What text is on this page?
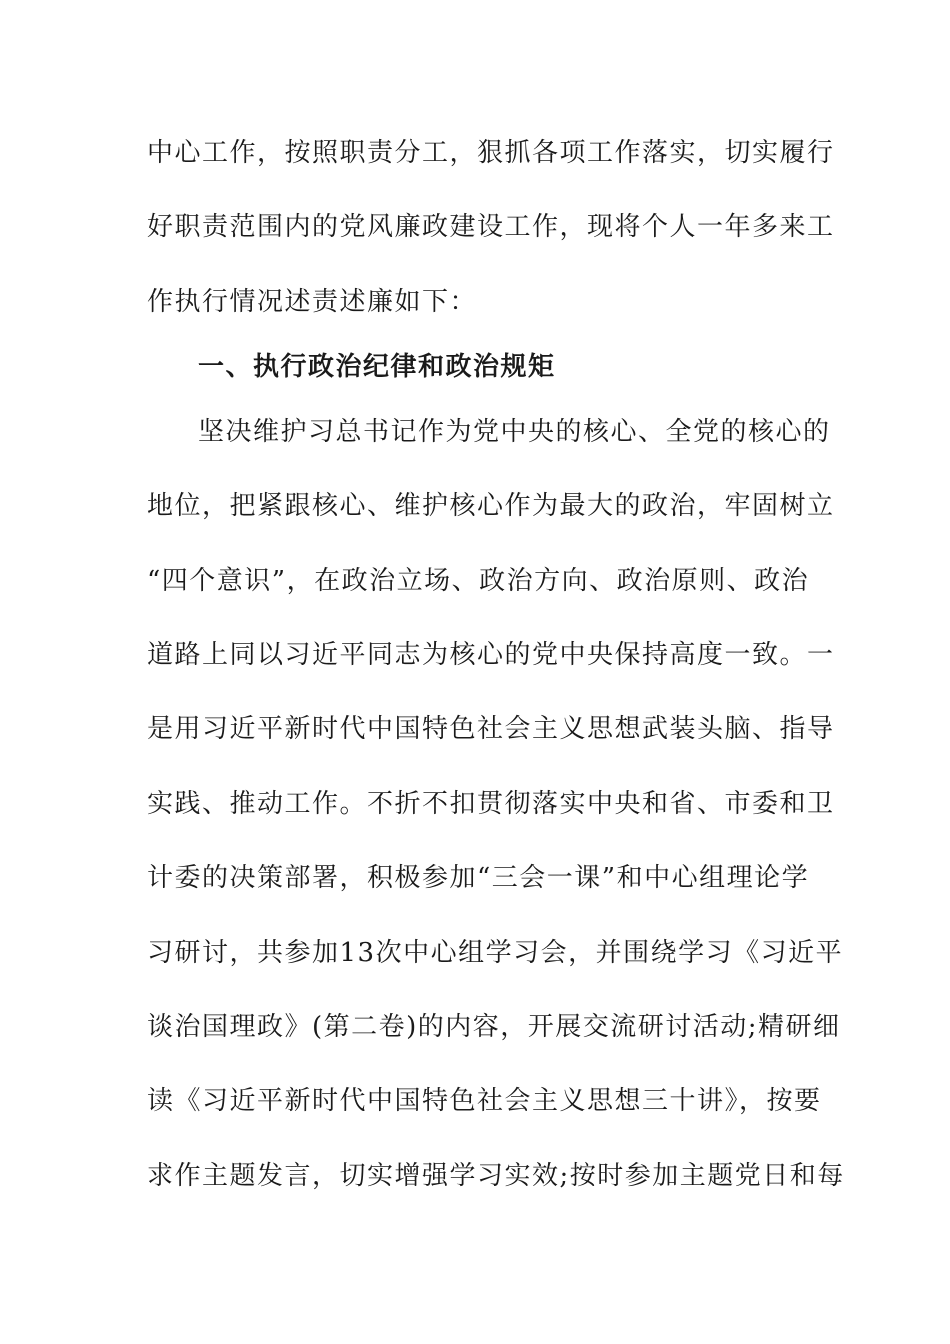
中心工作，按照职责分工，狠抓各项工作落实，切实履行
好职责范围内的党风廉政建设工作，现将个人一年多来工
作执行情况述责述廉如下：
一、执行政治纪律和政治规矩
坚决维护习总书记作为党中央的核心、全党的核心的
地位，把紧跟核心、维护核心作为最大的政治，牢固树立
“四个意识”，在政治立场、政治方向、政治原则、政治
道路上同以习近平同志为核心的党中央保持高度一致。一
是用习近平新时代中国特色社会主义思想武装头脑、指导
实践、推动工作。不折不扣贯彻落实中央和省、市委和卫
计委的决策部署，积极参加“三会一课”和中心组理论学
习研讨，共参加13次中心组学习会，并围绕学习《习近平
谈治国理政》(第二卷)的内容，开展交流研讨活动;精研细
读《习近平新时代中国特色社会主义思想三十讲》，按要
求作主题发言，切实增强学习实效;按时参加主题党日和每
